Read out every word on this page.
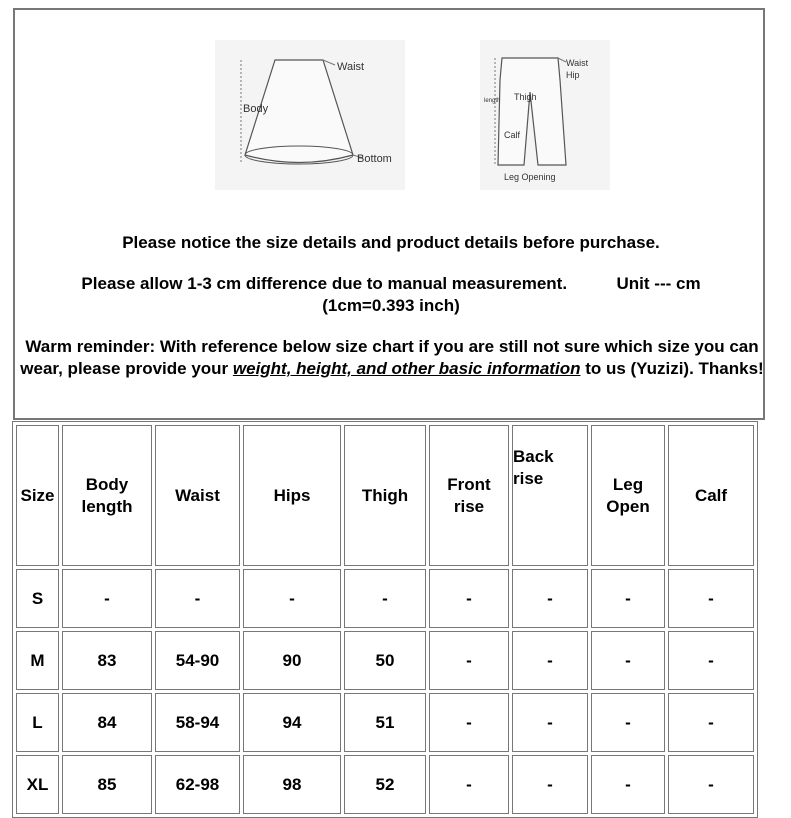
Waist
Body
Bottom
Waist
Hip
length Thigh
Calf
Leg Opening
Please notice the size details and product details before purchase.
Please allow 1-3 cm difference due to manual measurement.	Unit --- cm
(1cm=0.393 inch)
Warm reminder: With reference below size chart if you are still not sure which size you can wear, please provide your weight, height, and other basic information to us (Yuzizi). Thanks!
Size	Body length	Waist	Hips	Thigh	Front rise	Back rise	Leg Open	Calf
S	-	-	-	-	-	-	-	-
M	83	54-90	90	50	-	-	-	-
L	84	58-94	94	51	-	-	-	-
XL	85	62-98	98	52	-	-	-	-
